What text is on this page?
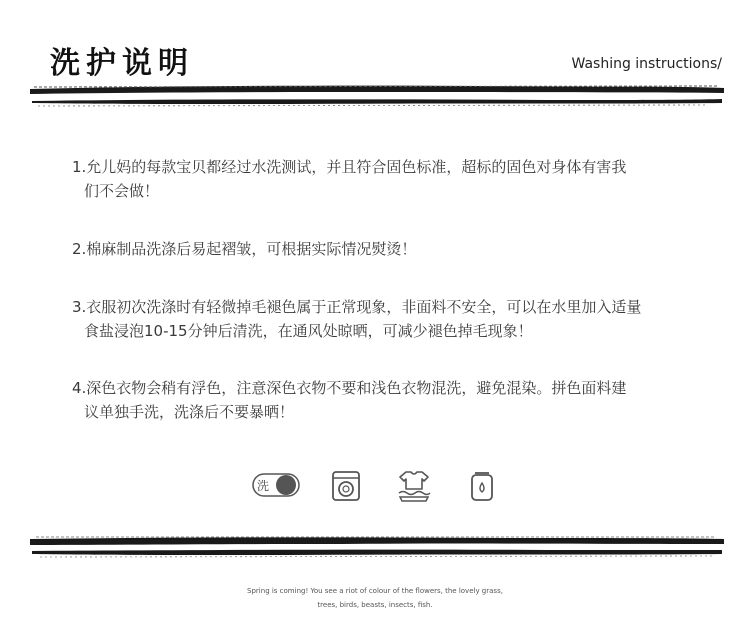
洗护说明	Washing instructions/
1.允儿妈的每款宝贝都经过水洗测试，并且符合固色标准，超标的固色对身体有害我
们不会做！
2.棉麻制品洗涤后易起褶皱，可根据实际情况熨烫！
3.衣服初次洗涤时有轻微掉毛褪色属于正常现象，非面料不安全，可以在水里加入适量
食盐浸泡10-15分钟后清洗，在通风处晾晒，可减少褪色掉毛现象！
4.深色衣物会稍有浮色，注意深色衣物不要和浅色衣物混洗，避免混染。拼色面料建
议单独手洗，洗涤后不要暴晒！
洗
Spring is coming! You see a riot of colour of the flowers, the lovely grass,
trees, birds, beasts, insects, fish.
